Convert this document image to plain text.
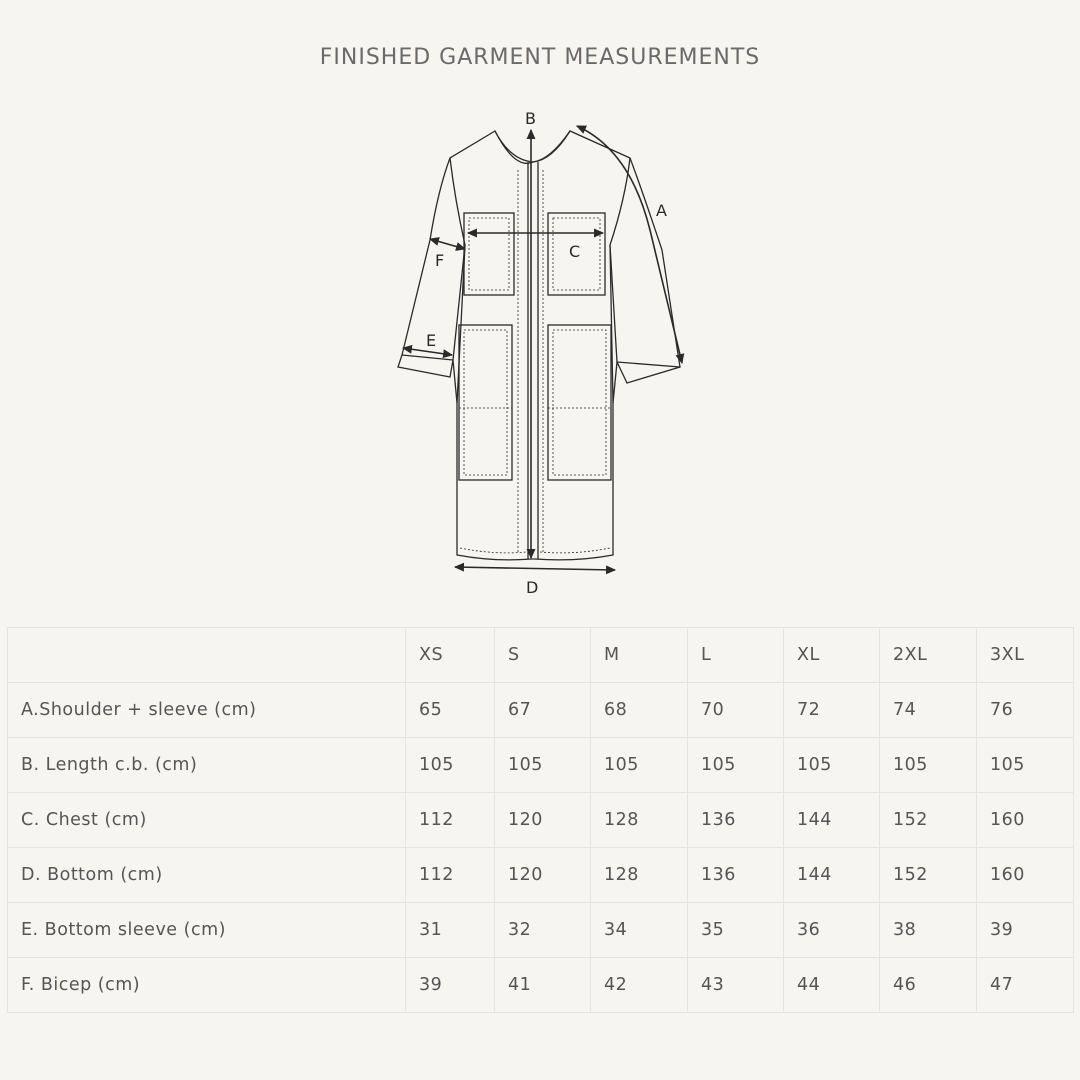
FINISHED GARMENT MEASUREMENTS
B
A
C
F
E
D
	XS	S	M	L	XL	2XL	3XL
A.Shoulder + sleeve (cm)	65	67	68	70	72	74	76
B. Length c.b. (cm)	105	105	105	105	105	105	105
C. Chest (cm)	112	120	128	136	144	152	160
D. Bottom (cm)	112	120	128	136	144	152	160
E. Bottom sleeve (cm)	31	32	34	35	36	38	39
F. Bicep (cm)	39	41	42	43	44	46	47
